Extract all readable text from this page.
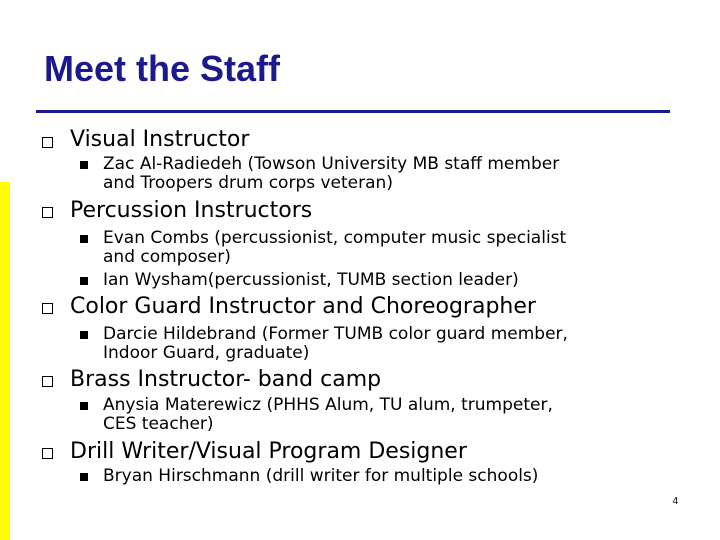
Meet the Staff
Visual Instructor
Zac Al-Radiedeh (Towson University MB staff member
and Troopers drum corps veteran)
Percussion Instructors
Evan Combs (percussionist, computer music specialist
and composer)
Ian Wysham(percussionist, TUMB section leader)
Color Guard Instructor and Choreographer
Darcie Hildebrand (Former TUMB color guard member,
Indoor Guard, graduate)
Brass Instructor- band camp
Anysia Materewicz (PHHS Alum, TU alum, trumpeter,
CES teacher)
Drill Writer/Visual Program Designer
Bryan Hirschmann (drill writer for multiple schools)
4
